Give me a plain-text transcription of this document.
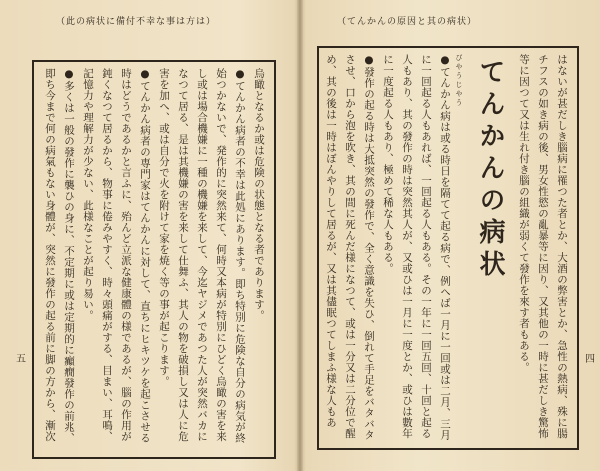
（此の病状に備付不幸な事は方は）

烏瞰となるか或は危険の状態となる者であります。

●てんかん病者の不幸は此処にあります。即ち特別に危険な自分の病気が終始つかないで、発作的に突然来て、何時又本病が特別にひどく烏瞰の害を来し或は場合機嫌に一種の機嫌を来して、今迄ヤジメであつた人が突然バカになつて居る、是は其機嫌の害を来して仕舞ふ、其人の物を破損し又は人に危害を加へ、或は自分で火を附けて家を焼く等の事が起こります。

●てんかん病者の専門家はてんかんに対して、直ちにヒキツケを起こさせる時はどうであるかと言ふに、殆んど立派な健康體の様であるが、腦の作用が鈍くなつて居るから、物事に倦みやすく、時々頭痛がする、目まい、耳鳴、記憶力や理解力が少ない、此様なことが起り易い。

●多くは一般の發作に襲ひの身に、不定期に或は定期的に癲癇發作の前兆、即ち今まで何の病氣もない身體が、突然に發作の起る前に脚の方から、漸次

五
（てんかんの原因と其の病状）

はないが甚だしき腦病に罹つた者とか、大酒の弊害とか、急性の熱病、殊に腸チフスの如き病の後、男女性慾の亂暴等に因り、又其他の一時に甚だしき驚怖等に因つて又は生れ付き腦の組織が弱くて發作を來す者もある。

てんかんの病状

びやうじやう

●てんかん病は或る時日を隔てて起る病で、例へば一月に一回或は二月、三月に一回起る人もあれば、一回起る人もある。その一年に一回五回、十回と起る人もあり、其の發作の時は突然其人が、又或ひは一月に一度とか、或ひは數年に一度起る人もあり、極めて稀な人もある。

●發作の起る時は大抵突然の發作で、全く意識を失ひ、倒れて手足をバタバタさせ、口から泡を吹き、其の間に死んだ様になつて、或は一分又は二分位で醒め、其の後は一時はぼんやりして居るが、又は其儘眠つてしまふ様な人もあ

四
